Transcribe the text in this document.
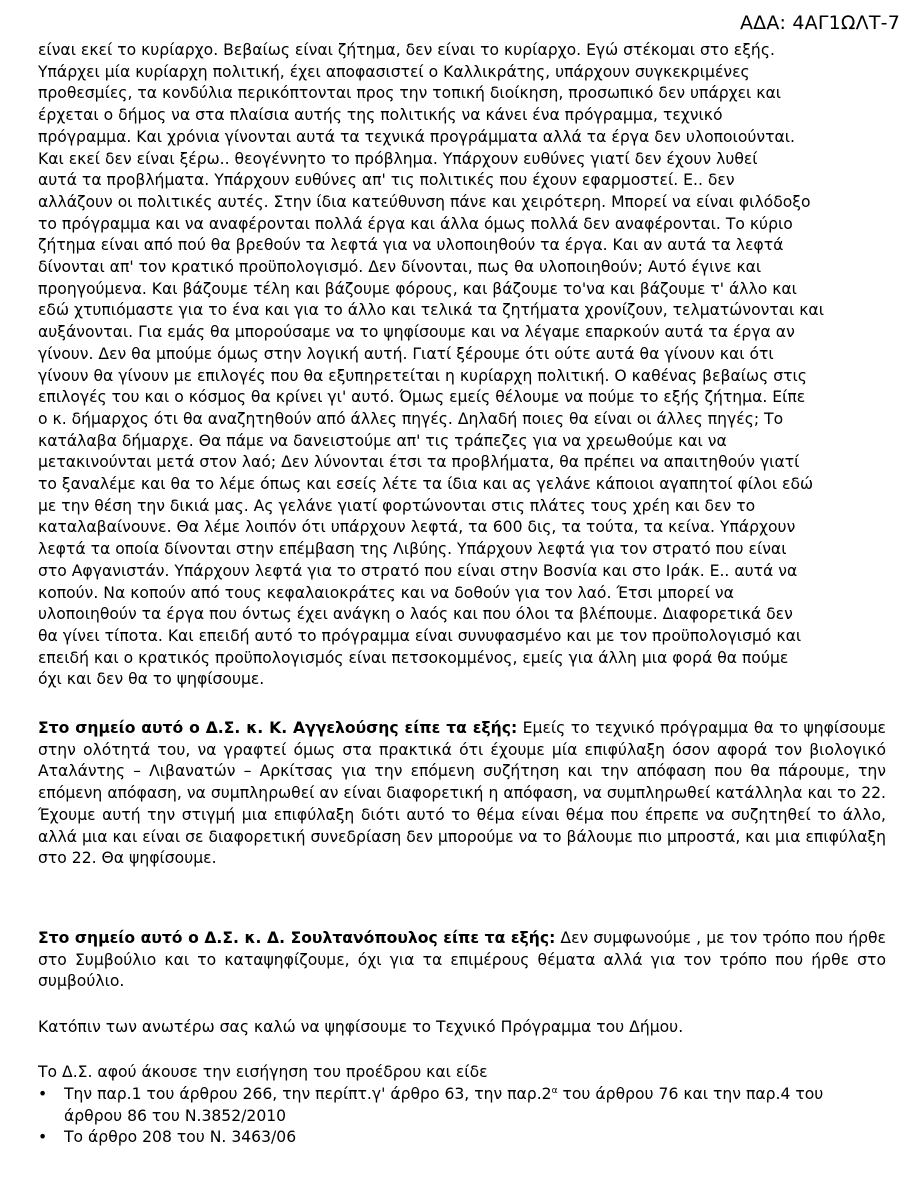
ΑΔΑ: 4ΑΓ1ΩΛΤ-7
είναι εκεί το κυρίαρχο. Βεβαίως είναι ζήτημα, δεν είναι το κυρίαρχο. Εγώ στέκομαι στο εξής.
Υπάρχει μία κυρίαρχη πολιτική, έχει αποφασιστεί ο Καλλικράτης, υπάρχουν συγκεκριμένες
προθεσμίες, τα κονδύλια περικόπτονται προς την τοπική διοίκηση, προσωπικό δεν υπάρχει και
έρχεται ο δήμος να στα πλαίσια αυτής της πολιτικής να κάνει ένα πρόγραμμα, τεχνικό
πρόγραμμα. Και χρόνια γίνονται αυτά τα τεχνικά προγράμματα αλλά τα έργα δεν υλοποιούνται.
Και εκεί δεν είναι ξέρω.. θεογέννητο το πρόβλημα. Υπάρχουν ευθύνες γιατί δεν έχουν λυθεί
αυτά τα προβλήματα. Υπάρχουν ευθύνες απ' τις πολιτικές που έχουν εφαρμοστεί. Ε.. δεν
αλλάζουν οι πολιτικές αυτές. Στην ίδια κατεύθυνση πάνε και χειρότερη. Μπορεί να είναι φιλόδοξο
το πρόγραμμα και να αναφέρονται πολλά έργα και άλλα όμως πολλά δεν αναφέρονται. Το κύριο
ζήτημα είναι από πού θα βρεθούν τα λεφτά για να υλοποιηθούν τα έργα. Και αν αυτά τα λεφτά
δίνονται απ' τον κρατικό προϋπολογισμό. Δεν δίνονται, πως θα υλοποιηθούν; Αυτό έγινε και
προηγούμενα. Και βάζουμε τέλη και βάζουμε φόρους, και βάζουμε το'να και βάζουμε τ' άλλο και
εδώ χτυπιόμαστε για το ένα και για το άλλο και τελικά τα ζητήματα χρονίζουν, τελματώνονται και
αυξάνονται. Για εμάς θα μπορούσαμε να το ψηφίσουμε και να λέγαμε επαρκούν αυτά τα έργα αν
γίνουν. Δεν θα μπούμε όμως στην λογική αυτή. Γιατί ξέρουμε ότι ούτε αυτά θα γίνουν και ότι
γίνουν θα γίνουν με επιλογές που θα εξυπηρετείται η κυρίαρχη πολιτική. Ο καθένας βεβαίως στις
επιλογές του και ο κόσμος θα κρίνει γι' αυτό. Όμως εμείς θέλουμε να πούμε το εξής ζήτημα. Είπε
ο κ. δήμαρχος ότι θα αναζητηθούν από άλλες πηγές. Δηλαδή ποιες θα είναι οι άλλες πηγές; Το
κατάλαβα δήμαρχε. Θα πάμε να δανειστούμε απ' τις τράπεζες για να χρεωθούμε και να
μετακινούνται μετά στον λαό; Δεν λύνονται έτσι τα προβλήματα, θα πρέπει να απαιτηθούν γιατί
το ξαναλέμε και θα το λέμε όπως και εσείς λέτε τα ίδια και ας γελάνε κάποιοι αγαπητοί φίλοι εδώ
με την θέση την δικιά μας. Ας γελάνε γιατί φορτώνονται στις πλάτες τους χρέη και δεν το
καταλαβαίνουνε. Θα λέμε λοιπόν ότι υπάρχουν λεφτά, τα 600 δις, τα τούτα, τα κείνα. Υπάρχουν
λεφτά τα οποία δίνονται στην επέμβαση της Λιβύης. Υπάρχουν λεφτά για τον στρατό που είναι
στο Αφγανιστάν. Υπάρχουν λεφτά για το στρατό που είναι στην Βοσνία και στο Ιράκ. Ε.. αυτά να
κοπούν. Να κοπούν από τους κεφαλαιοκράτες και να δοθούν για τον λαό. Έτσι μπορεί να
υλοποιηθούν τα έργα που όντως έχει ανάγκη ο λαός και που όλοι τα βλέπουμε. Διαφορετικά δεν
θα γίνει τίποτα. Και επειδή αυτό το πρόγραμμα είναι συνυφασμένο και με τον προϋπολογισμό και
επειδή και ο κρατικός προϋπολογισμός είναι πετσοκομμένος, εμείς για άλλη μια φορά θα πούμε
όχι και δεν θα το ψηφίσουμε.
Στο σημείο αυτό ο Δ.Σ. κ. Κ. Αγγελούσης είπε τα εξής: Εμείς το τεχνικό πρόγραμμα θα το ψηφίσουμε στην ολότητά του, να γραφτεί όμως στα πρακτικά ότι έχουμε μία επιφύλαξη όσον αφορά τον βιολογικό Αταλάντης – Λιβανατών – Αρκίτσας για την επόμενη συζήτηση και την απόφαση που θα πάρουμε, την επόμενη απόφαση, να συμπληρωθεί αν είναι διαφορετική η απόφαση, να συμπληρωθεί κατάλληλα και το 22. Έχουμε αυτή την στιγμή μια επιφύλαξη διότι αυτό το θέμα είναι θέμα που έπρεπε να συζητηθεί το άλλο, αλλά μια και είναι σε διαφορετική συνεδρίαση δεν μπορούμε να το βάλουμε πιο μπροστά, και μια επιφύλαξη στο 22. Θα ψηφίσουμε.
Στο σημείο αυτό ο Δ.Σ. κ. Δ. Σουλτανόπουλος είπε τα εξής: Δεν συμφωνούμε , με τον τρόπο που ήρθε στο Συμβούλιο και το καταψηφίζουμε, όχι για τα επιμέρους θέματα αλλά για τον τρόπο που ήρθε στο συμβούλιο.
Κατόπιν των ανωτέρω σας καλώ να ψηφίσουμε το Τεχνικό Πρόγραμμα του Δήμου.
Το Δ.Σ. αφού άκουσε την εισήγηση του προέδρου και είδε
• Την παρ.1 του άρθρου 266, την περίπτ.γ' άρθρο 63, την $\pi\alpha\rho.2^\alpha$ του άρθρου 76 και την παρ.4 του άρθρου 86 του Ν.3852/2010
• Το άρθρο 208 του Ν. 3463/06
